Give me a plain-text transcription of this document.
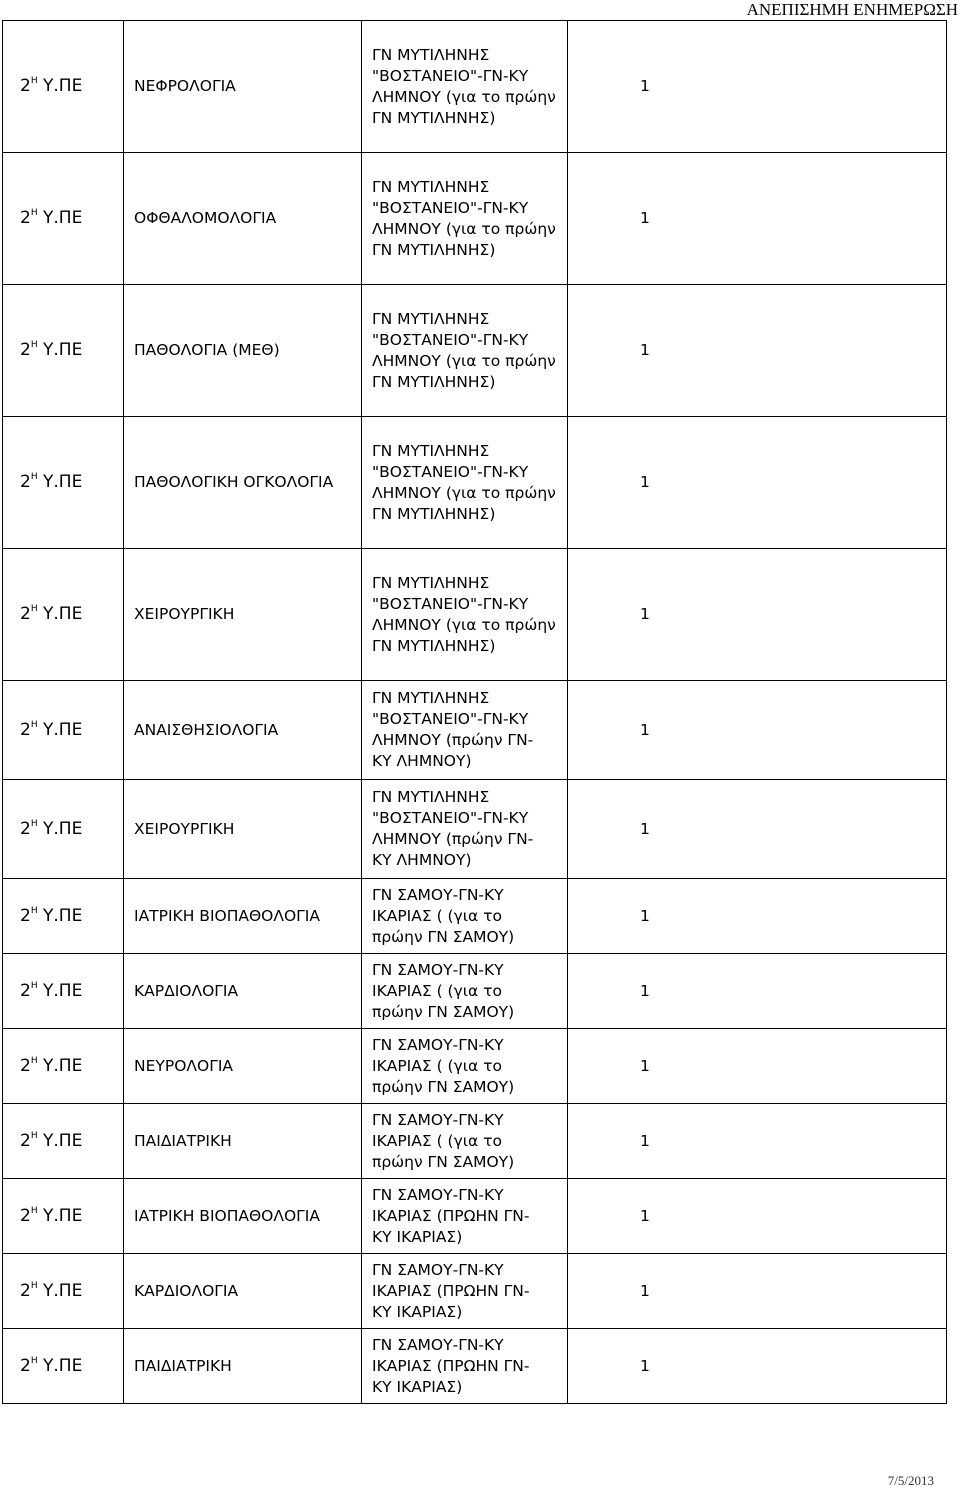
ΑΝΕΠΙΣΗΜΗ ΕΝΗΜΕΡΩΣΗ
$2^H$ Υ.ΠΕ	ΝΕΦΡΟΛΟΓΙΑ	ΓΝ ΜΥΤΙΛΗΝΗΣ
"ΒΟΣΤΑΝΕΙΟ"-ΓΝ-ΚΥ
ΛΗΜΝΟΥ (για το πρώην
ΓΝ ΜΥΤΙΛΗΝΗΣ)	1
$2^H$ Υ.ΠΕ	ΟΦΘΑΛΟΜΟΛΟΓΙΑ	ΓΝ ΜΥΤΙΛΗΝΗΣ
"ΒΟΣΤΑΝΕΙΟ"-ΓΝ-ΚΥ
ΛΗΜΝΟΥ (για το πρώην
ΓΝ ΜΥΤΙΛΗΝΗΣ)	1
$2^H$ Υ.ΠΕ	ΠΑΘΟΛΟΓΙΑ (ΜΕΘ)	ΓΝ ΜΥΤΙΛΗΝΗΣ
"ΒΟΣΤΑΝΕΙΟ"-ΓΝ-ΚΥ
ΛΗΜΝΟΥ (για το πρώην
ΓΝ ΜΥΤΙΛΗΝΗΣ)	1
$2^H$ Υ.ΠΕ	ΠΑΘΟΛΟΓΙΚΗ ΟΓΚΟΛΟΓΙΑ	ΓΝ ΜΥΤΙΛΗΝΗΣ
"ΒΟΣΤΑΝΕΙΟ"-ΓΝ-ΚΥ
ΛΗΜΝΟΥ (για το πρώην
ΓΝ ΜΥΤΙΛΗΝΗΣ)	1
$2^H$ Υ.ΠΕ	ΧΕΙΡΟΥΡΓΙΚΗ	ΓΝ ΜΥΤΙΛΗΝΗΣ
"ΒΟΣΤΑΝΕΙΟ"-ΓΝ-ΚΥ
ΛΗΜΝΟΥ (για το πρώην
ΓΝ ΜΥΤΙΛΗΝΗΣ)	1
$2^H$ Υ.ΠΕ	ΑΝΑΙΣΘΗΣΙΟΛΟΓΙΑ	ΓΝ ΜΥΤΙΛΗΝΗΣ
"ΒΟΣΤΑΝΕΙΟ"-ΓΝ-ΚΥ
ΛΗΜΝΟΥ (πρώην ΓΝ-
ΚΥ ΛΗΜΝΟΥ)	1
$2^H$ Υ.ΠΕ	ΧΕΙΡΟΥΡΓΙΚΗ	ΓΝ ΜΥΤΙΛΗΝΗΣ
"ΒΟΣΤΑΝΕΙΟ"-ΓΝ-ΚΥ
ΛΗΜΝΟΥ (πρώην ΓΝ-
ΚΥ ΛΗΜΝΟΥ)	1
$2^H$ Υ.ΠΕ	ΙΑΤΡΙΚΗ ΒΙΟΠΑΘΟΛΟΓΙΑ	ΓΝ ΣΑΜΟΥ-ΓΝ-ΚΥ
ΙΚΑΡΙΑΣ ( (για το
πρώην ΓΝ ΣΑΜΟΥ)	1
$2^H$ Υ.ΠΕ	ΚΑΡΔΙΟΛΟΓΙΑ	ΓΝ ΣΑΜΟΥ-ΓΝ-ΚΥ
ΙΚΑΡΙΑΣ ( (για το
πρώην ΓΝ ΣΑΜΟΥ)	1
$2^H$ Υ.ΠΕ	ΝΕΥΡΟΛΟΓΙΑ	ΓΝ ΣΑΜΟΥ-ΓΝ-ΚΥ
ΙΚΑΡΙΑΣ ( (για το
πρώην ΓΝ ΣΑΜΟΥ)	1
$2^H$ Υ.ΠΕ	ΠΑΙΔΙΑΤΡΙΚΗ	ΓΝ ΣΑΜΟΥ-ΓΝ-ΚΥ
ΙΚΑΡΙΑΣ ( (για το
πρώην ΓΝ ΣΑΜΟΥ)	1
$2^H$ Υ.ΠΕ	ΙΑΤΡΙΚΗ ΒΙΟΠΑΘΟΛΟΓΙΑ	ΓΝ ΣΑΜΟΥ-ΓΝ-ΚΥ
ΙΚΑΡΙΑΣ (ΠΡΩΗΝ ΓΝ-
ΚΥ ΙΚΑΡΙΑΣ)	1
$2^H$ Υ.ΠΕ	ΚΑΡΔΙΟΛΟΓΙΑ	ΓΝ ΣΑΜΟΥ-ΓΝ-ΚΥ
ΙΚΑΡΙΑΣ (ΠΡΩΗΝ ΓΝ-
ΚΥ ΙΚΑΡΙΑΣ)	1
$2^H$ Υ.ΠΕ	ΠΑΙΔΙΑΤΡΙΚΗ	ΓΝ ΣΑΜΟΥ-ΓΝ-ΚΥ
ΙΚΑΡΙΑΣ (ΠΡΩΗΝ ΓΝ-
ΚΥ ΙΚΑΡΙΑΣ)	1
7/5/2013
